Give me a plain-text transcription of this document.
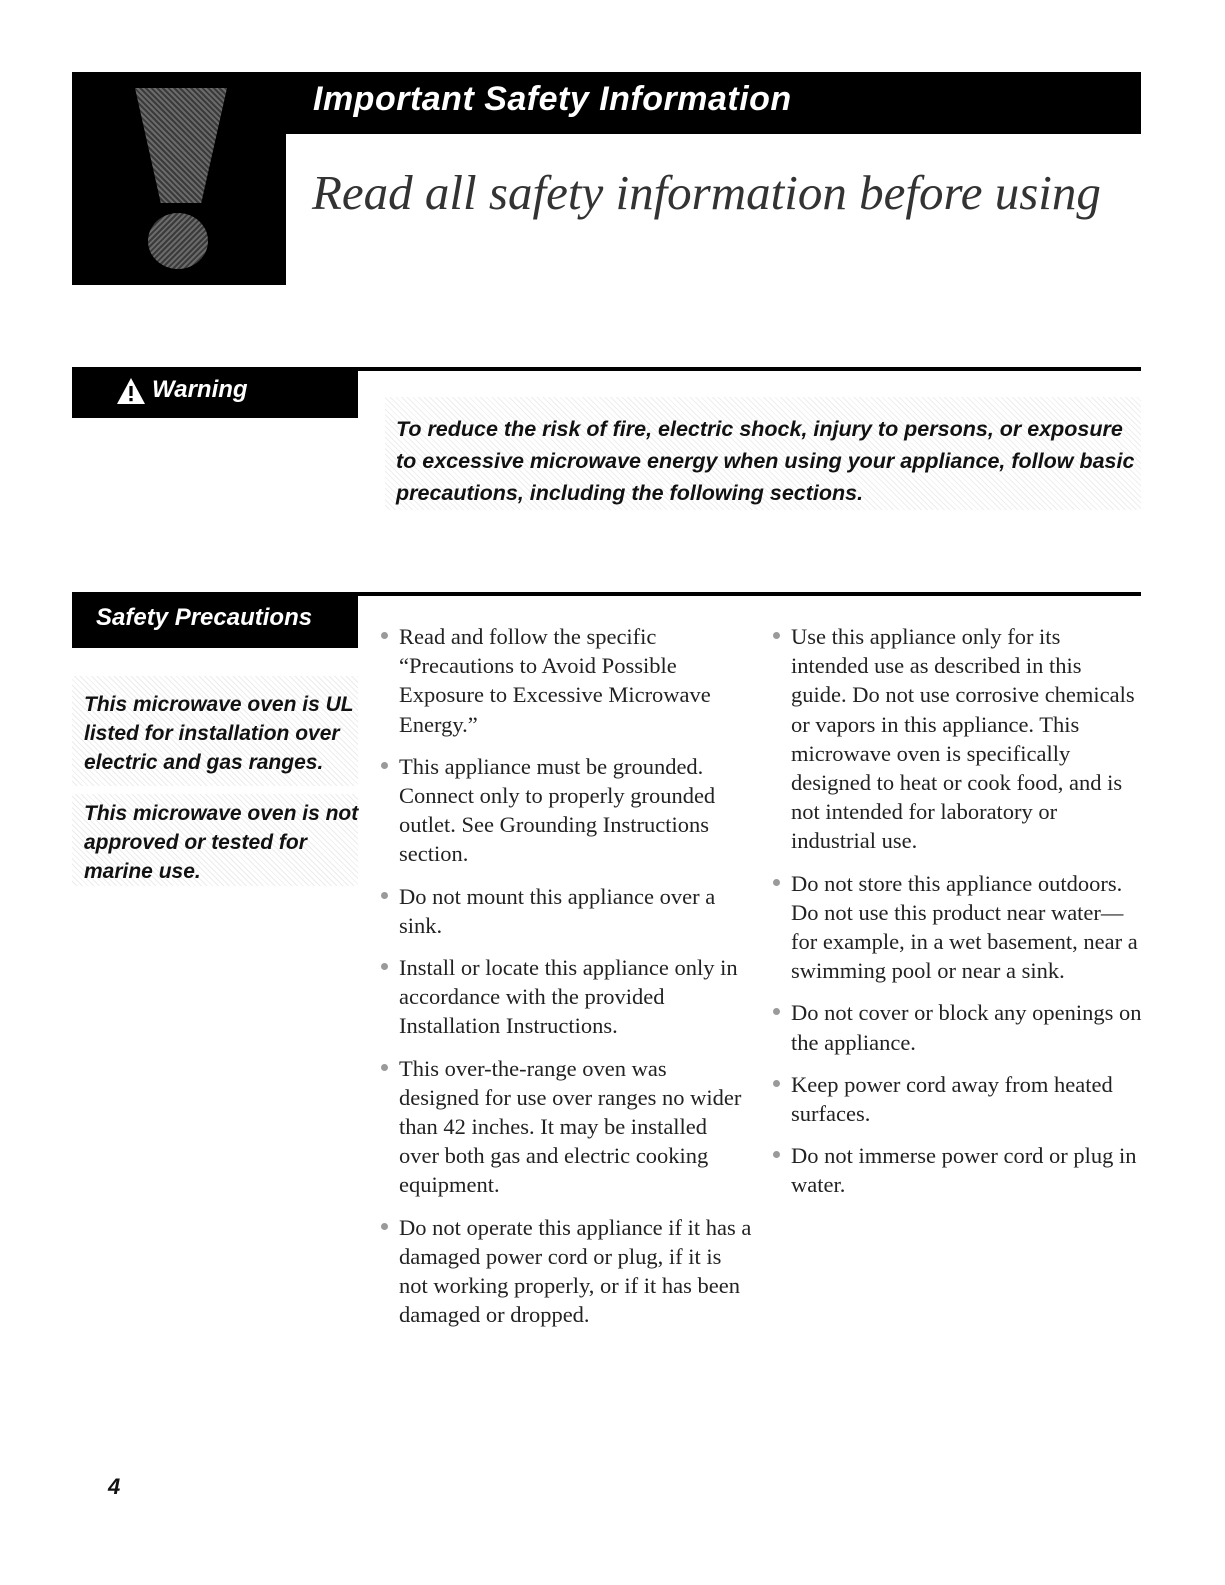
Important Safety Information
Read all safety information before using
Warning
To reduce the risk of fire, electric shock, injury to persons, or exposure to excessive microwave energy when using your appliance, follow basic precautions, including the following sections.
Safety Precautions
This microwave oven is UL listed for installation over electric and gas ranges.
This microwave oven is not approved or tested for marine use.
Read and follow the specific “Precautions to Avoid Possible Exposure to Excessive Microwave Energy.”
This appliance must be grounded. Connect only to properly grounded outlet. See Grounding Instructions section.
Do not mount this appliance over a sink.
Install or locate this appliance only in accordance with the provided Installation Instructions.
This over-the-range oven was designed for use over ranges no wider than 42 inches. It may be installed over both gas and electric cooking equipment.
Do not operate this appliance if it has a damaged power cord or plug, if it is not working properly, or if it has been damaged or dropped.
Use this appliance only for its intended use as described in this guide. Do not use corrosive chemicals or vapors in this appliance. This microwave oven is specifically designed to heat or cook food, and is not intended for laboratory or industrial use.
Do not store this appliance outdoors. Do not use this product near water—for example, in a wet basement, near a swimming pool or near a sink.
Do not cover or block any openings on the appliance.
Keep power cord away from heated surfaces.
Do not immerse power cord or plug in water.
4
